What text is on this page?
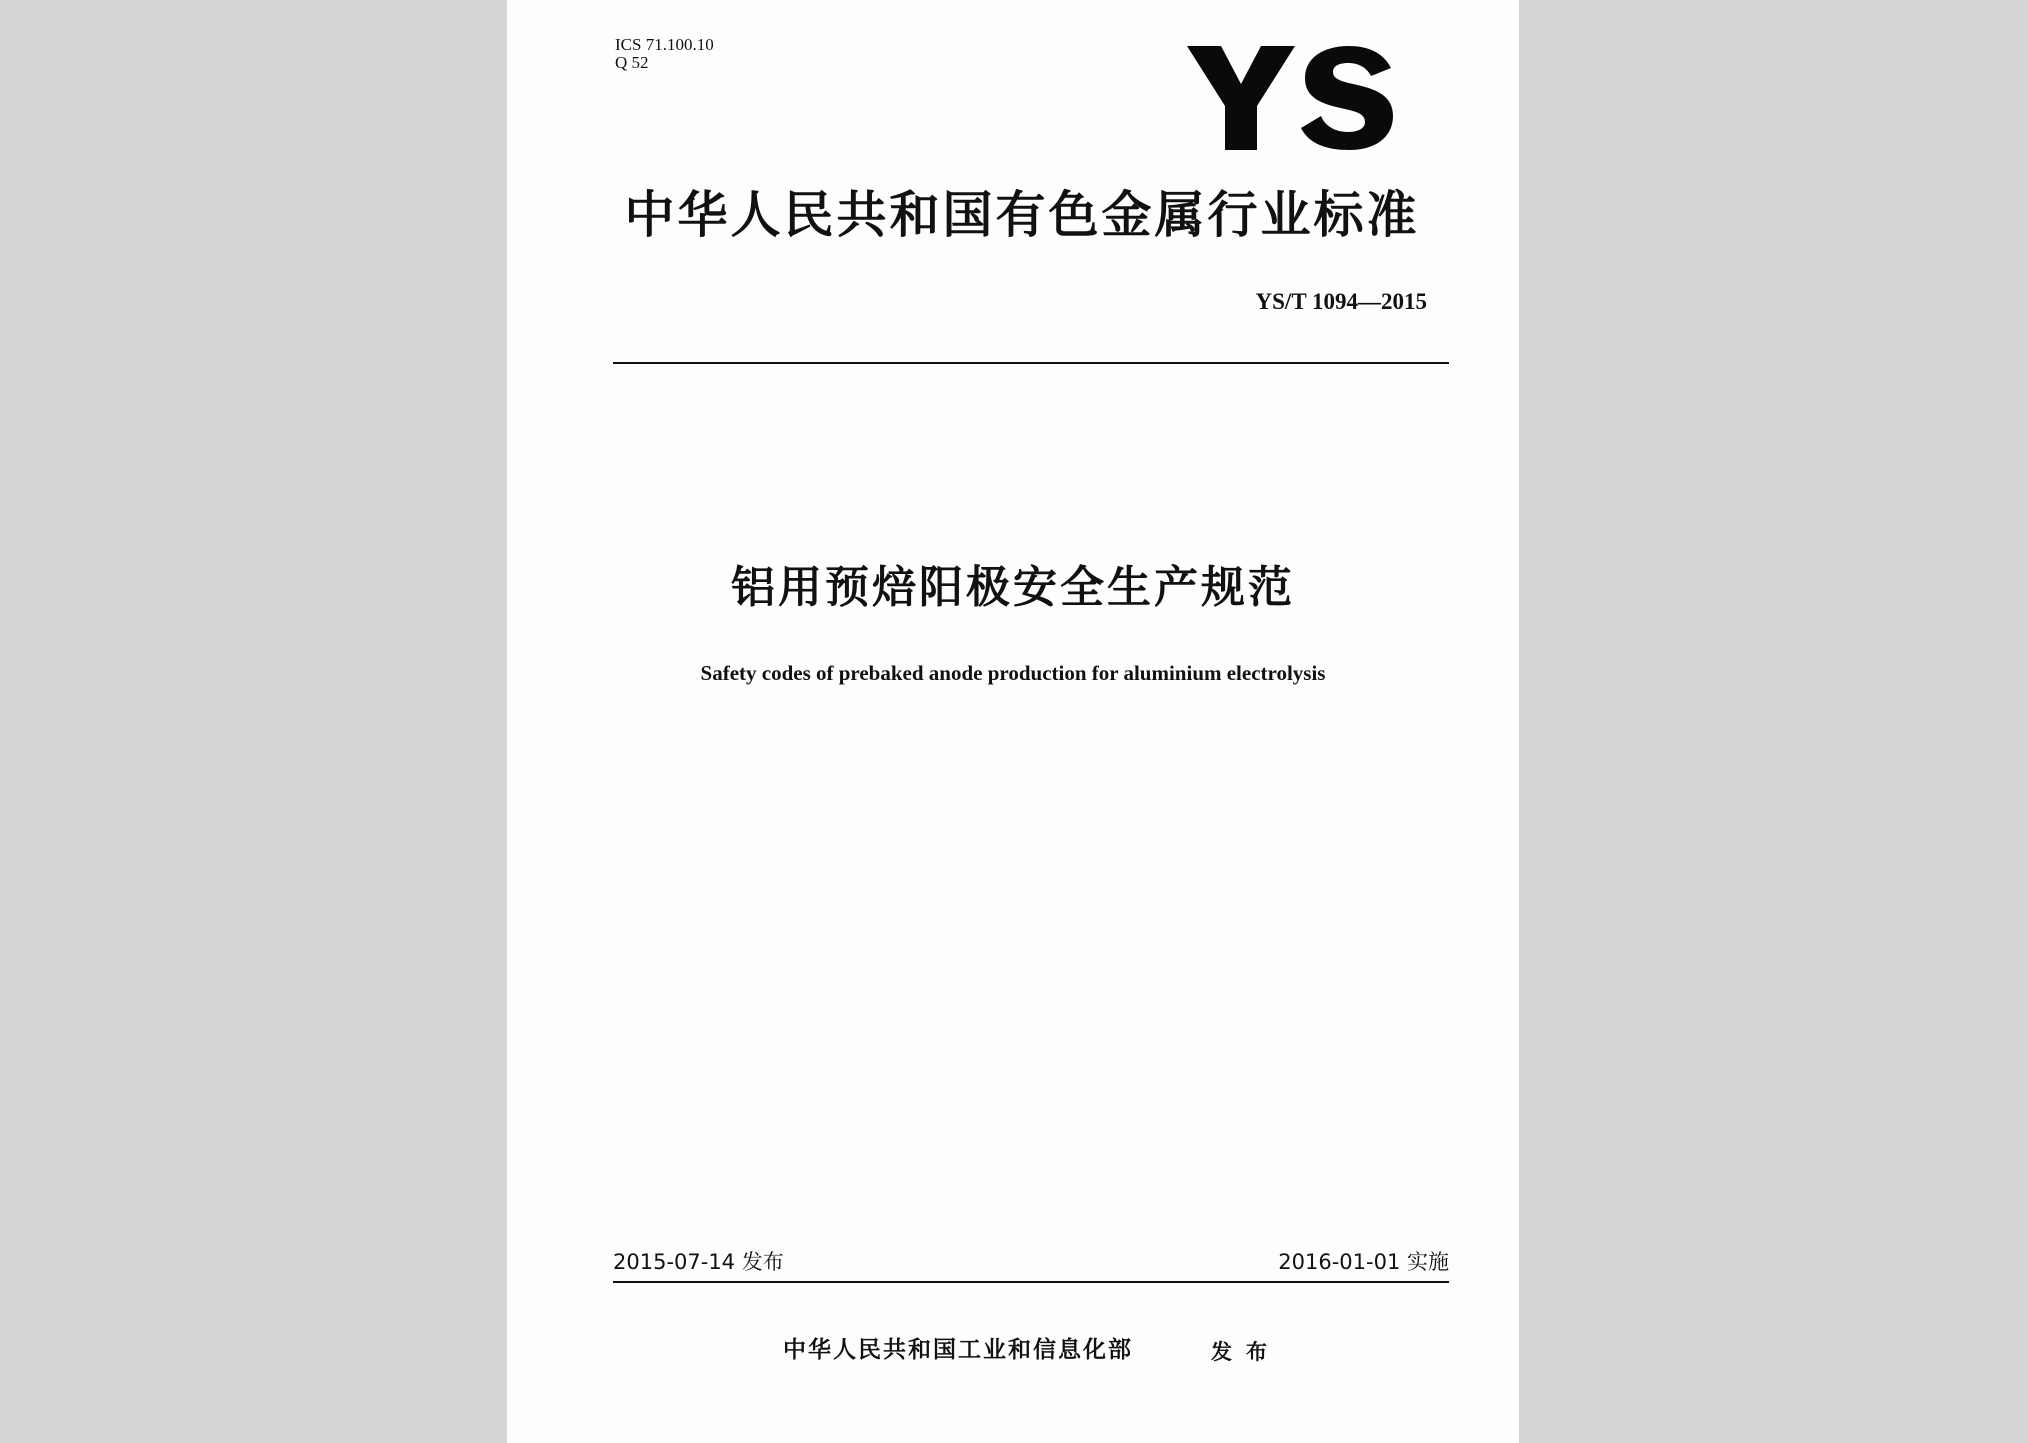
ICS 71.100.10
Q 52
中华人民共和国有色金属行业标准
YS/T 1094—2015
铝用预焙阳极安全生产规范
Safety codes of prebaked anode production for aluminium electrolysis
2015-07-14 发布	2016-01-01 实施
中华人民共和国工业和信息化部	发布
